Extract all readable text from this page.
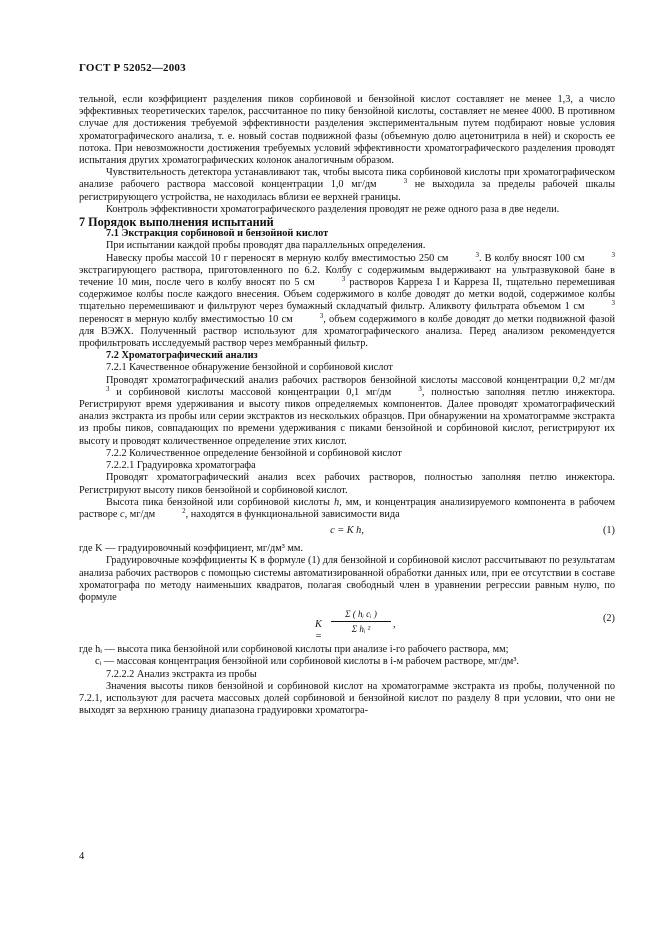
ГОСТ Р 52052—2003

тельной, если коэффициент разделения пиков сорбиновой и бензойной кислот составляет не менее 1,3, а число эффективных теоретических тарелок, рассчитанное по пику бензойной кислоты, составляет не менее 4000. В противном случае для достижения требуемой эффективности разделения экспериментальным путем подбирают новые условия хроматографического анализа, т. е. новый состав подвижной фазы (объемную долю ацетонитрила в ней) и скорость ее потока. При невозможности достижения требуемых условий эффективности хроматографического разделения проводят испытания других хроматографических колонок аналогичным образом.

Чувствительность детектора устанавливают так, чтобы высота пика сорбиновой кислоты при хроматографическом анализе рабочего раствора массовой концентрации 1,0 мг/дм	3 не выходила за пределы рабочей шкалы регистрирующего устройства, не находилась вблизи ее верхней границы.

Контроль эффективности хроматографического разделения проводят не реже одного раза в две недели.

7 Порядок выполнения испытаний

7.1 Экстракция сорбиновой и бензойной кислот

При испытании каждой пробы проводят два параллельных определения.

Навеску пробы массой 10 г переносят в мерную колбу вместимостью 250 см	3. В колбу вносят 100 см	3 экстрагирующего раствора, приготовленного по 6.2. Колбу с содержимым выдерживают на ультразвуковой бане в течение 10 мин, после чего в колбу вносят по 5 см	3 растворов Карреза I и Карреза II, тщательно перемешивая содержимое колбы после каждого внесения. Объем содержимого в колбе доводят до метки водой, содержимое колбы тщательно перемешивают и фильтруют через бумажный складчатый фильтр. Аликвоту фильтрата объемом 1 см	3 переносят в мерную колбу вместимостью 10 см	3, объем содержимого в колбе доводят до метки подвижной фазой для ВЭЖХ. Полученный раствор используют для хроматографического анализа. Перед анализом рекомендуется профильтровать исследуемый раствор через мембранный фильтр.

7.2 Хроматографический анализ

7.2.1 Качественное обнаружение бензойной и сорбиновой кислот

Проводят хроматографический анализ рабочих растворов бензойной кислоты массовой концентрации 0,2 мг/дм3 и сорбиновой кислоты массовой концентрации 0,1 мг/дм	3, полностью заполняя петлю инжектора. Регистрируют время удерживания и высоту пиков определяемых компонентов. Далее проводят хроматографический анализ экстракта из пробы или серии экстрактов из нескольких образцов. При обнаружении на хроматограмме экстракта из пробы пиков, совпадающих по времени удерживания с пиками бензойной и сорбиновой кислот, регистрируют их высоту и проводят количественное определение этих кислот.

7.2.2 Количественное определение бензойной и сорбиновой кислот

7.2.2.1 Градуировка хроматографа

Проводят хроматографический анализ всех рабочих растворов, полностью заполняя петлю инжектора. Регистрируют высоту пиков бензойной и сорбиновой кислот.

Высота пика бензойной или сорбиновой кислоты h, мм, и концентрация анализируемого компонента в рабочем растворе c, мг/дм	2, находятся в функциональной зависимости вида

c = K h,	(1)

где K — градуировочный коэффициент, мг/дм³ мм.

Градуировочные коэффициенты K в формуле (1) для бензойной и сорбиновой кислот рассчитывают по результатам анализа рабочих растворов с помощью системы автоматизированной обработки данных или, при ее отсутствии в составе хроматографа по методу наименьших квадратов, полагая свободный член в уравнении регрессии равным нулю, по формуле

K =
Σ ( hᵢ cᵢ )
Σ hᵢ ²	,
(2)

где hᵢ — высота пика бензойной или сорбиновой кислоты при анализе i-го рабочего раствора, мм;

cᵢ — массовая концентрация бензойной или сорбиновой кислоты в i-м рабочем растворе, мг/дм³.

7.2.2.2 Анализ экстракта из пробы

Значения высоты пиков бензойной и сорбиновой кислот на хроматограмме экстракта из пробы, полученной по 7.2.1, используют для расчета массовых долей сорбиновой и бензойной кислот по разделу 8 при условии, что они не выходят за верхнюю границу диапазона градуировки хроматогра-

4
